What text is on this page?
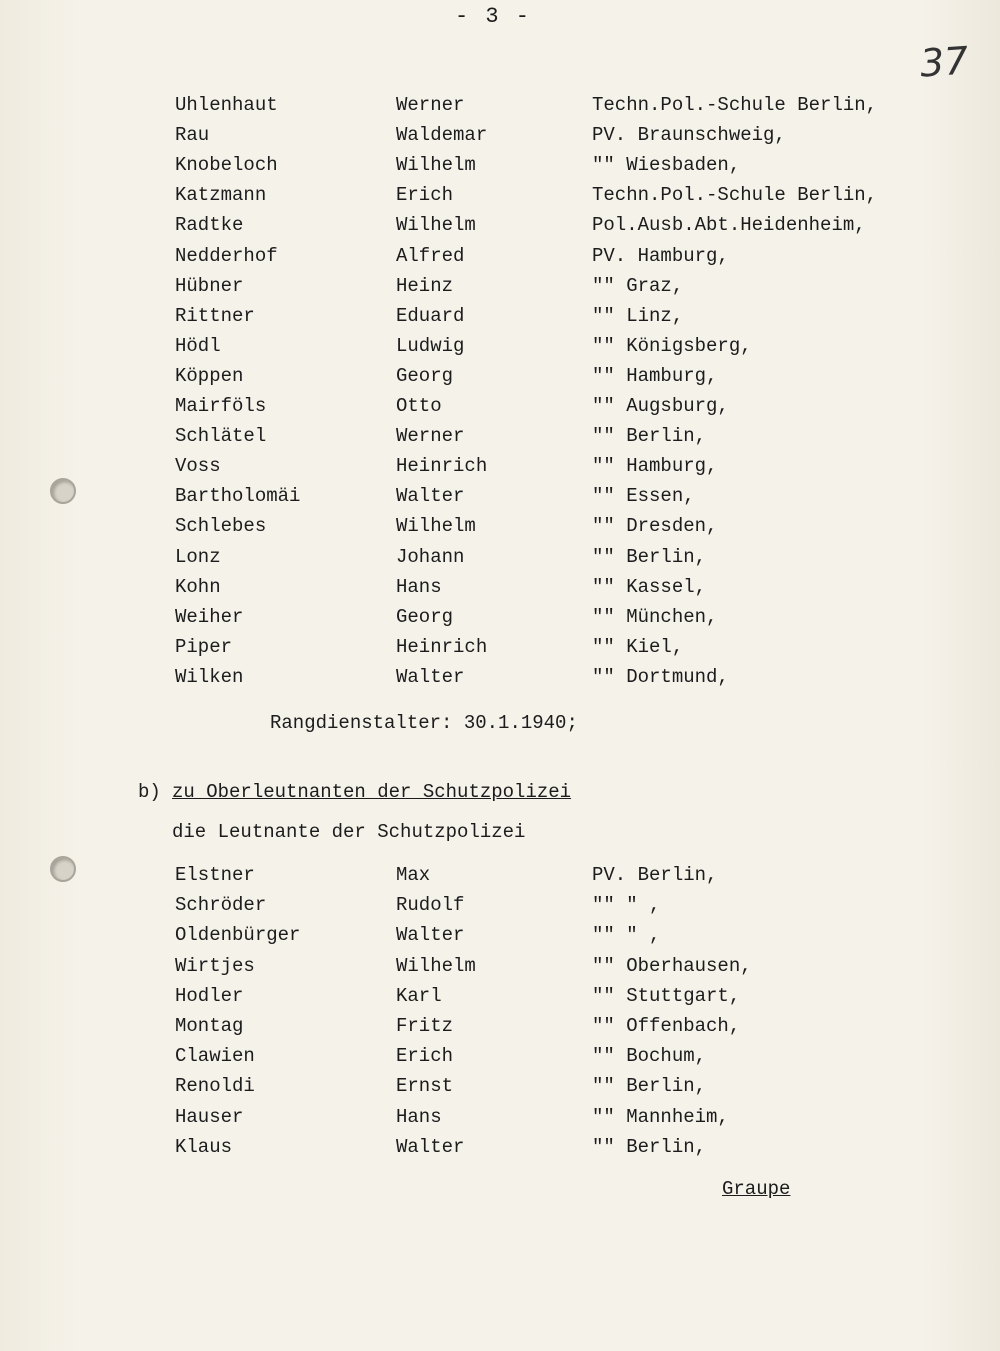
- 3 -
37
Uhlenhaut	Werner	Techn.Pol.-Schule Berlin,
Rau	Waldemar	PV. Braunschweig,
Knobeloch	Wilhelm	"" Wiesbaden,
Katzmann	Erich	Techn.Pol.-Schule Berlin,
Radtke	Wilhelm	Pol.Ausb.Abt.Heidenheim,
Nedderhof	Alfred	PV. Hamburg,
Hübner	Heinz	"" Graz,
Rittner	Eduard	"" Linz,
Hödl	Ludwig	"" Königsberg,
Köppen	Georg	"" Hamburg,
Mairföls	Otto	"" Augsburg,
Schlätel	Werner	"" Berlin,
Voss	Heinrich	"" Hamburg,
Bartholomäi	Walter	"" Essen,
Schlebes	Wilhelm	"" Dresden,
Lonz	Johann	"" Berlin,
Kohn	Hans	"" Kassel,
Weiher	Georg	"" München,
Piper	Heinrich	"" Kiel,
Wilken	Walter	"" Dortmund,
Rangdienstalter: 30.1.1940;
b) zu Oberleutnanten der Schutzpolizei
die Leutnante der Schutzpolizei
Elstner	Max	PV. Berlin,
Schröder	Rudolf	"" " ,
Oldenbürger	Walter	"" " ,
Wirtjes	Wilhelm	"" Oberhausen,
Hodler	Karl	"" Stuttgart,
Montag	Fritz	"" Offenbach,
Clawien	Erich	"" Bochum,
Renoldi	Ernst	"" Berlin,
Hauser	Hans	"" Mannheim,
Klaus	Walter	"" Berlin,
Graupe
